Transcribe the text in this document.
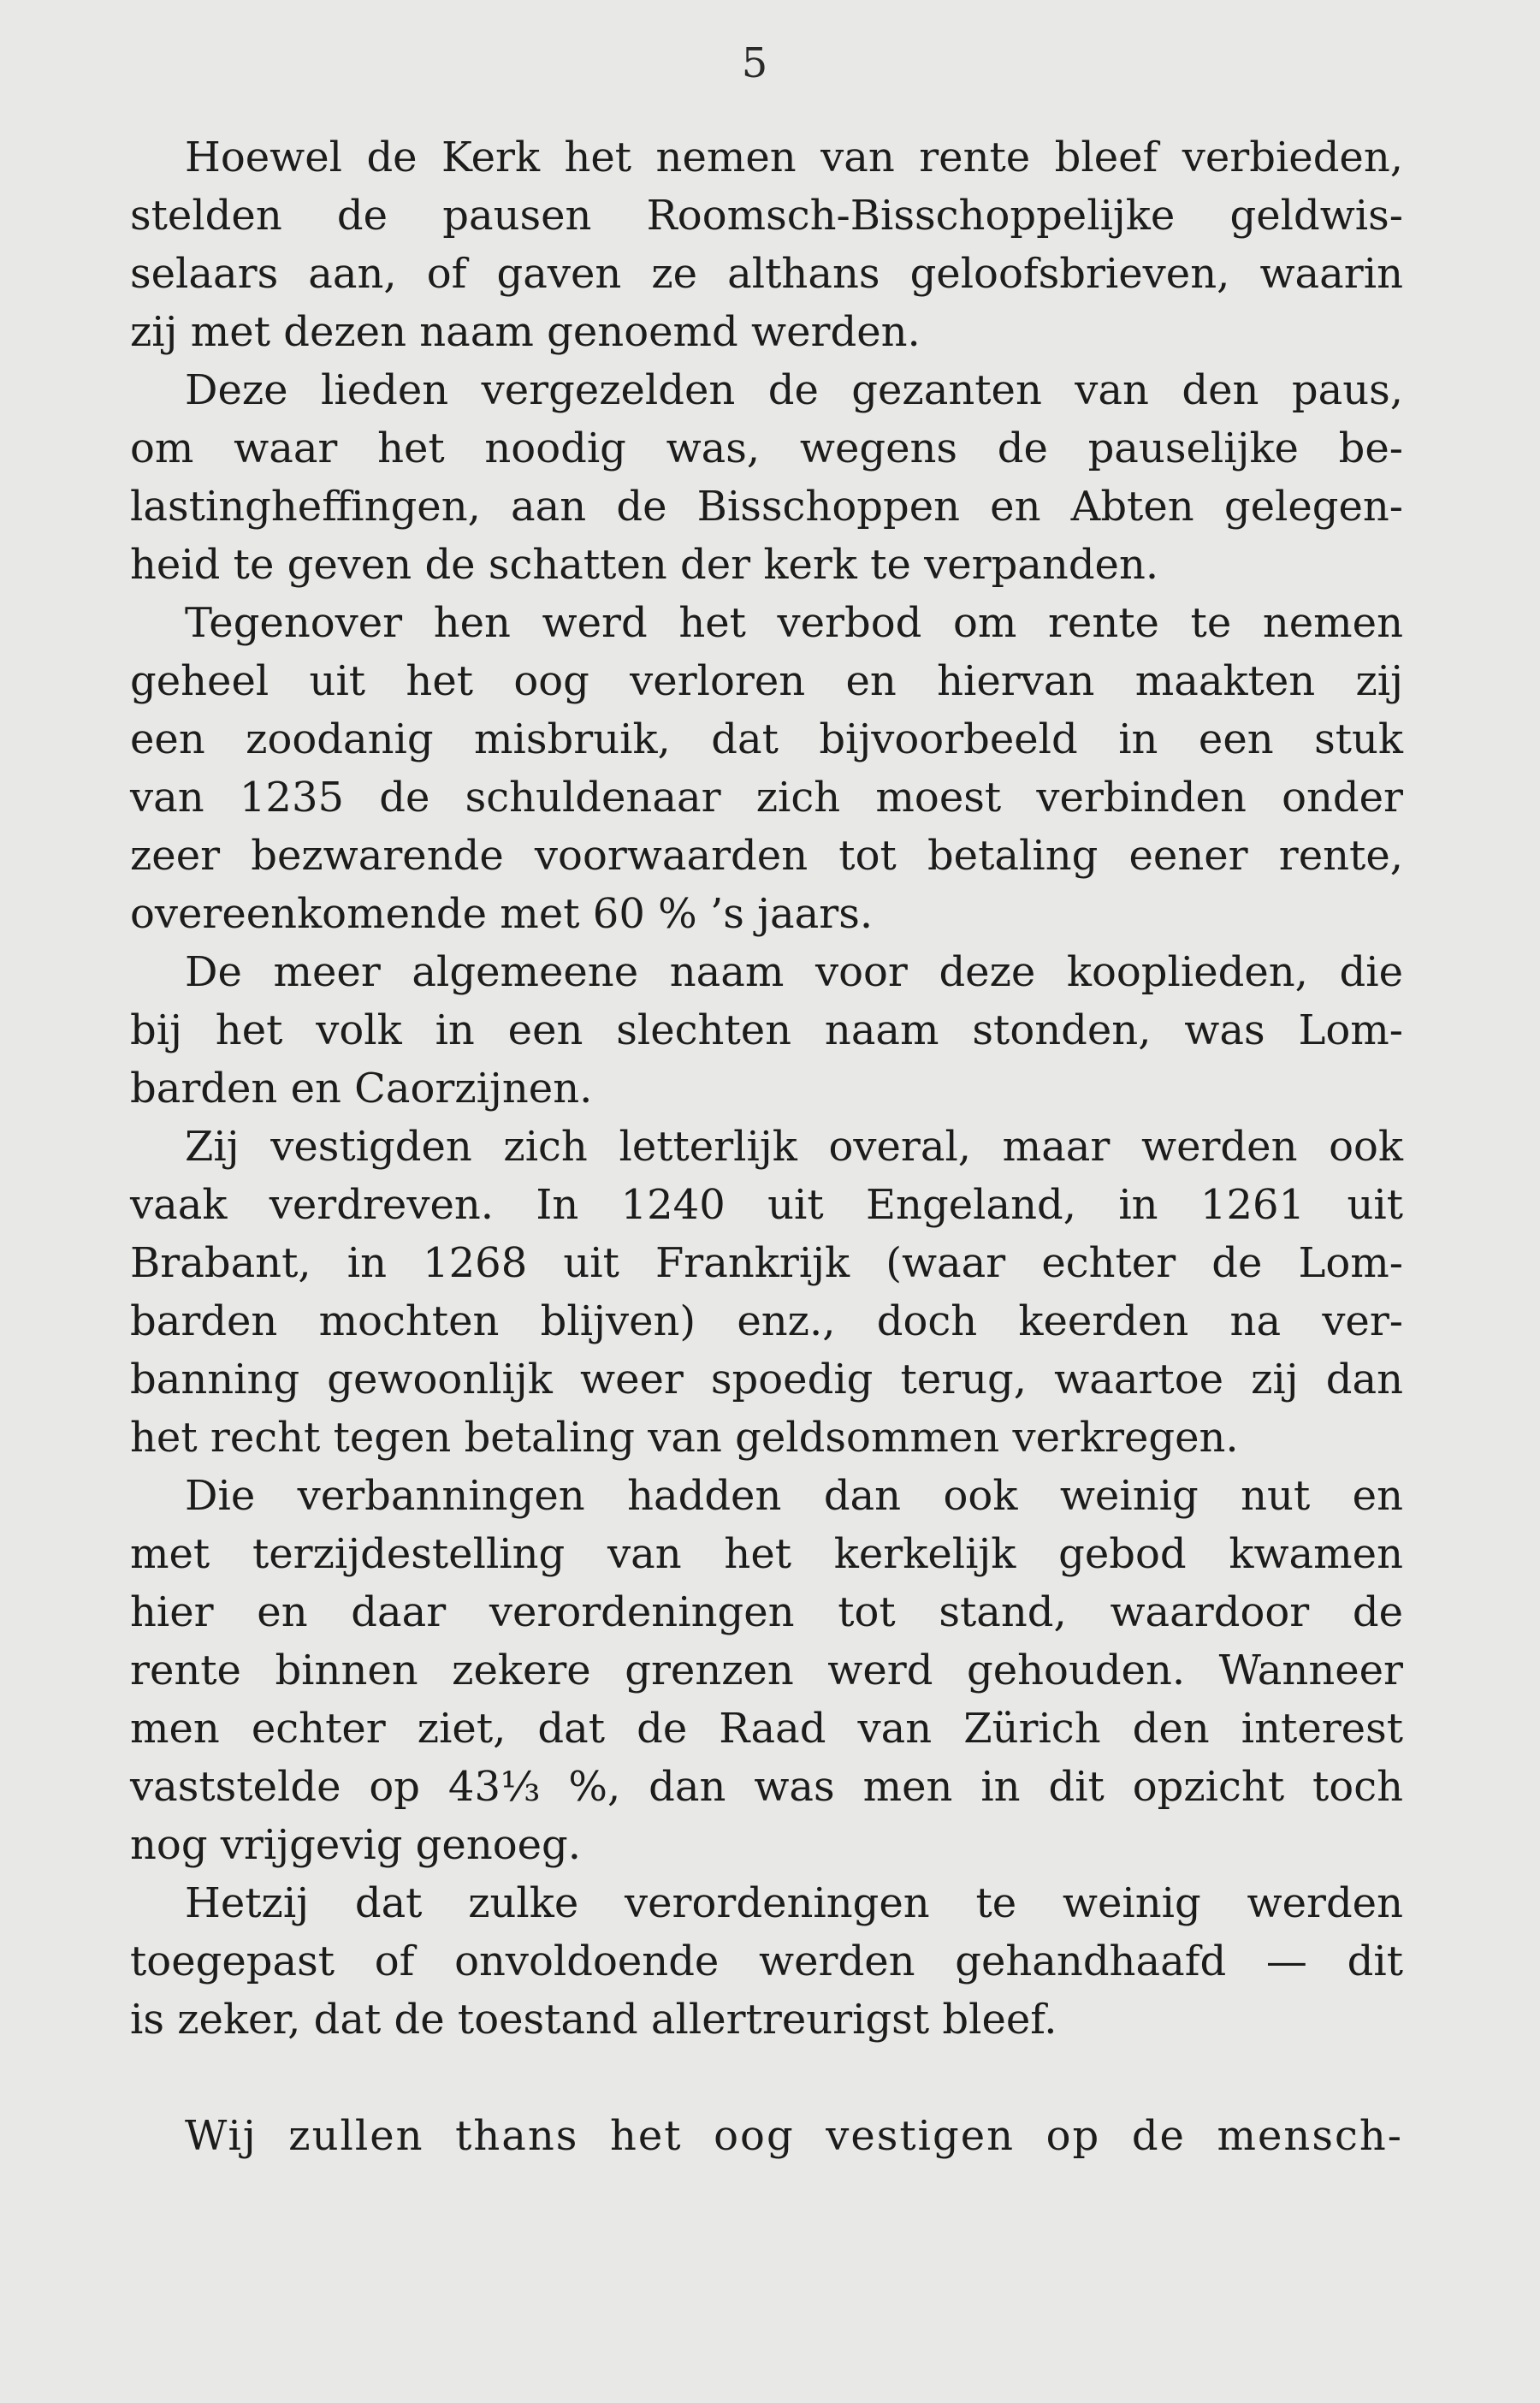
5
Hoewel de Kerk het nemen van rente bleef verbieden,
stelden de pausen Roomsch-Bisschoppelijke geldwis-
selaars aan, of gaven ze althans geloofsbrieven, waarin
zij met dezen naam genoemd werden.
Deze lieden vergezelden de gezanten van den paus,
om waar het noodig was, wegens de pauselijke be-
lastingheffingen, aan de Bisschoppen en Abten gelegen-
heid te geven de schatten der kerk te verpanden.
Tegenover hen werd het verbod om rente te nemen
geheel uit het oog verloren en hiervan maakten zij
een zoodanig misbruik, dat bijvoorbeeld in een stuk
van 1235 de schuldenaar zich moest verbinden onder
zeer bezwarende voorwaarden tot betaling eener rente,
overeenkomende met 60 % ’s jaars.
De meer algemeene naam voor deze kooplieden, die
bij het volk in een slechten naam stonden, was Lom-
barden en Caorzijnen.
Zij vestigden zich letterlijk overal, maar werden ook
vaak verdreven. In 1240 uit Engeland, in 1261 uit
Brabant, in 1268 uit Frankrijk (waar echter de Lom-
barden mochten blijven) enz., doch keerden na ver-
banning gewoonlijk weer spoedig terug, waartoe zij dan
het recht tegen betaling van geldsommen verkregen.
Die verbanningen hadden dan ook weinig nut en
met terzijdestelling van het kerkelijk gebod kwamen
hier en daar verordeningen tot stand, waardoor de
rente binnen zekere grenzen werd gehouden. Wanneer
men echter ziet, dat de Raad van Zürich den interest
vaststelde op 43⅓ %, dan was men in dit opzicht toch
nog vrijgevig genoeg.
Hetzij dat zulke verordeningen te weinig werden
toegepast of onvoldoende werden gehandhaafd — dit
is zeker, dat de toestand allertreurigst bleef.
Wij zullen thans het oog vestigen op de mensch-
